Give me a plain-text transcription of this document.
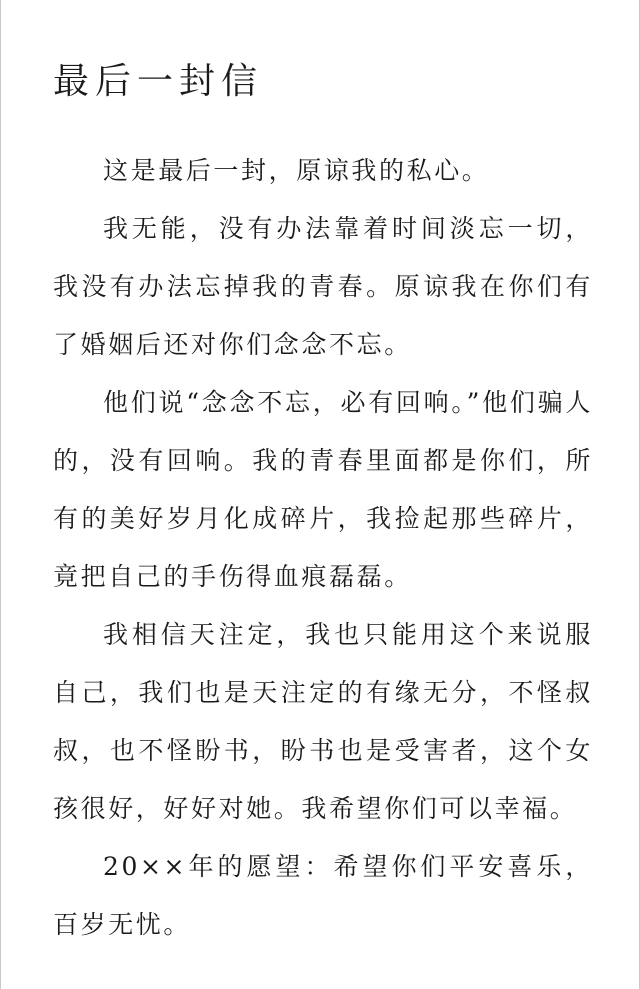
最后一封信

这是最后一封，原谅我的私心。

我无能，没有办法靠着时间淡忘一切，我没有办法忘掉我的青春。原谅我在你们有了婚姻后还对你们念念不忘。

他们说“念念不忘，必有回响。”他们骗人的，没有回响。我的青春里面都是你们，所有的美好岁月化成碎片，我捡起那些碎片，竟把自己的手伤得血痕磊磊。

我相信天注定，我也只能用这个来说服自己，我们也是天注定的有缘无分，不怪叔叔，也不怪盼书，盼书也是受害者，这个女孩很好，好好对她。我希望你们可以幸福。

20××年的愿望：希望你们平安喜乐，百岁无忧。
